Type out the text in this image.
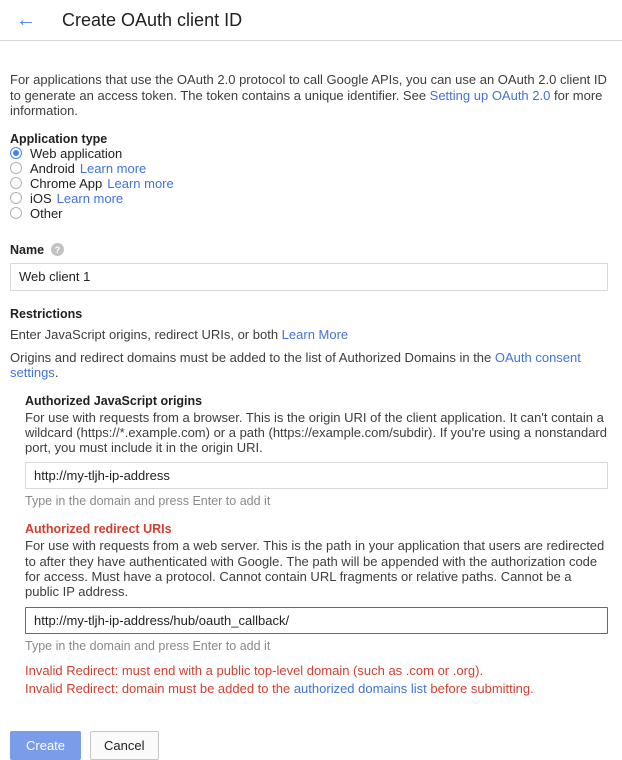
← Create OAuth client ID

For applications that use the OAuth 2.0 protocol to call Google APIs, you can use an OAuth 2.0 client ID to generate an access token. The token contains a unique identifier. See Setting up OAuth 2.0 for more information.

Application type
Web application
Android Learn more
Chrome App Learn more
iOS Learn more
Other
Name	?
Web client 1
Restrictions
Enter JavaScript origins, redirect URIs, or both Learn More
Origins and redirect domains must be added to the list of Authorized Domains in the OAuth consent settings.
Authorized JavaScript origins

For use with requests from a browser. This is the origin URI of the client application. It can't contain a wildcard (https://*.example.com) or a path (https://example.com/subdir). If you're using a nonstandard port, you must include it in the origin URI.

http://my-tljh-ip-address
Type in the domain and press Enter to add it
Authorized redirect URIs

For use with requests from a web server. This is the path in your application that users are redirected to after they have authenticated with Google. The path will be appended with the authorization code for access. Must have a protocol. Cannot contain URL fragments or relative paths. Cannot be a public IP address.

http://my-tljh-ip-address/hub/oauth_callback/
Type in the domain and press Enter to add it
Invalid Redirect: must end with a public top-level domain (such as .com or .org).
Invalid Redirect: domain must be added to the authorized domains list before submitting.
Create	Cancel
